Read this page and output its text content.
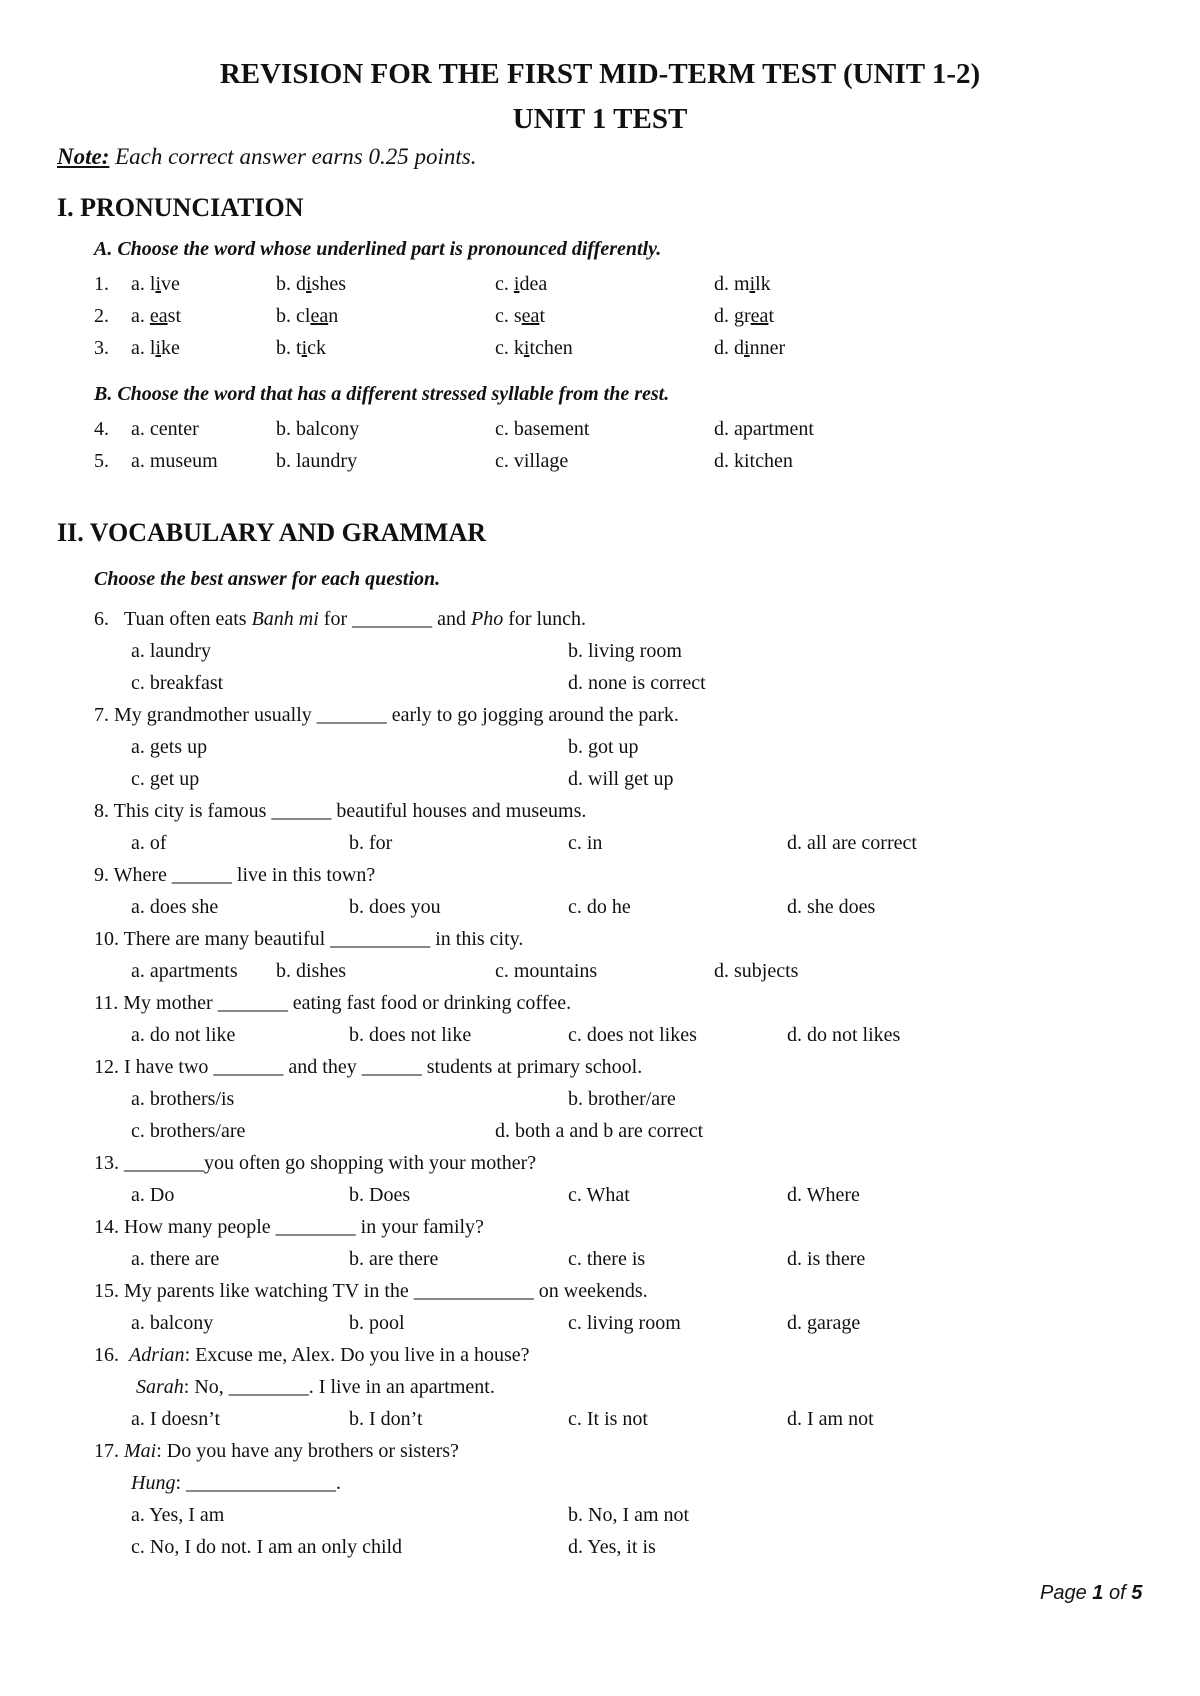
REVISION FOR THE FIRST MID-TERM TEST (UNIT 1-2)
UNIT 1 TEST
Note: Each correct answer earns 0.25 points.
I. PRONUNCIATION
A. Choose the word whose underlined part is pronounced differently.
1. a. live	b. dishes	c. idea	d. milk
2. a. east	b. clean	c. seat	d. great
3. a. like	b. tick	c. kitchen	d. dinner
B. Choose the word that has a different stressed syllable from the rest.
4. a. center	b. balcony	c. basement	d. apartment
5. a. museum	b. laundry	c. village	d. kitchen
II. VOCABULARY AND GRAMMAR
Choose the best answer for each question.
6.   Tuan often eats Banh mi for ________ and Pho for lunch.
a. laundry	b. living room
c. breakfast	d. none is correct
7. My grandmother usually _______ early to go jogging around the park.
a. gets up	b. got up
c. get up	d. will get up
8. This city is famous ______ beautiful houses and museums.
a. of	b. for	c. in	d. all are correct
9. Where ______ live in this town?
a. does she	b. does you	c. do he	d. she does
10. There are many beautiful __________ in this city.
a. apartments b. dishes	c. mountains	d. subjects
11. My mother _______ eating fast food or drinking coffee.
a. do not like	b. does not like	c. does not likes	d. do not likes
12. I have two _______ and they ______ students at primary school.
a. brothers/is	b. brother/are
c. brothers/are	d. both a and b are correct
13. ________you often go shopping with your mother?
a. Do	b. Does	c. What	d. Where
14. How many people ________ in your family?
a. there are	b. are there	c. there is	d. is there
15. My parents like watching TV in the ____________ on weekends.
a. balcony	b. pool	c. living room	d. garage
16.  Adrian: Excuse me, Alex. Do you live in a house?
Sarah: No, ________. I live in an apartment.
a. I doesn’t	b. I don’t	c. It is not	d. I am not
17. Mai: Do you have any brothers or sisters?
Hung: _______________.
a. Yes, I am	b. No, I am not
c. No, I do not. I am an only child	d. Yes, it is
Page 1 of 5
